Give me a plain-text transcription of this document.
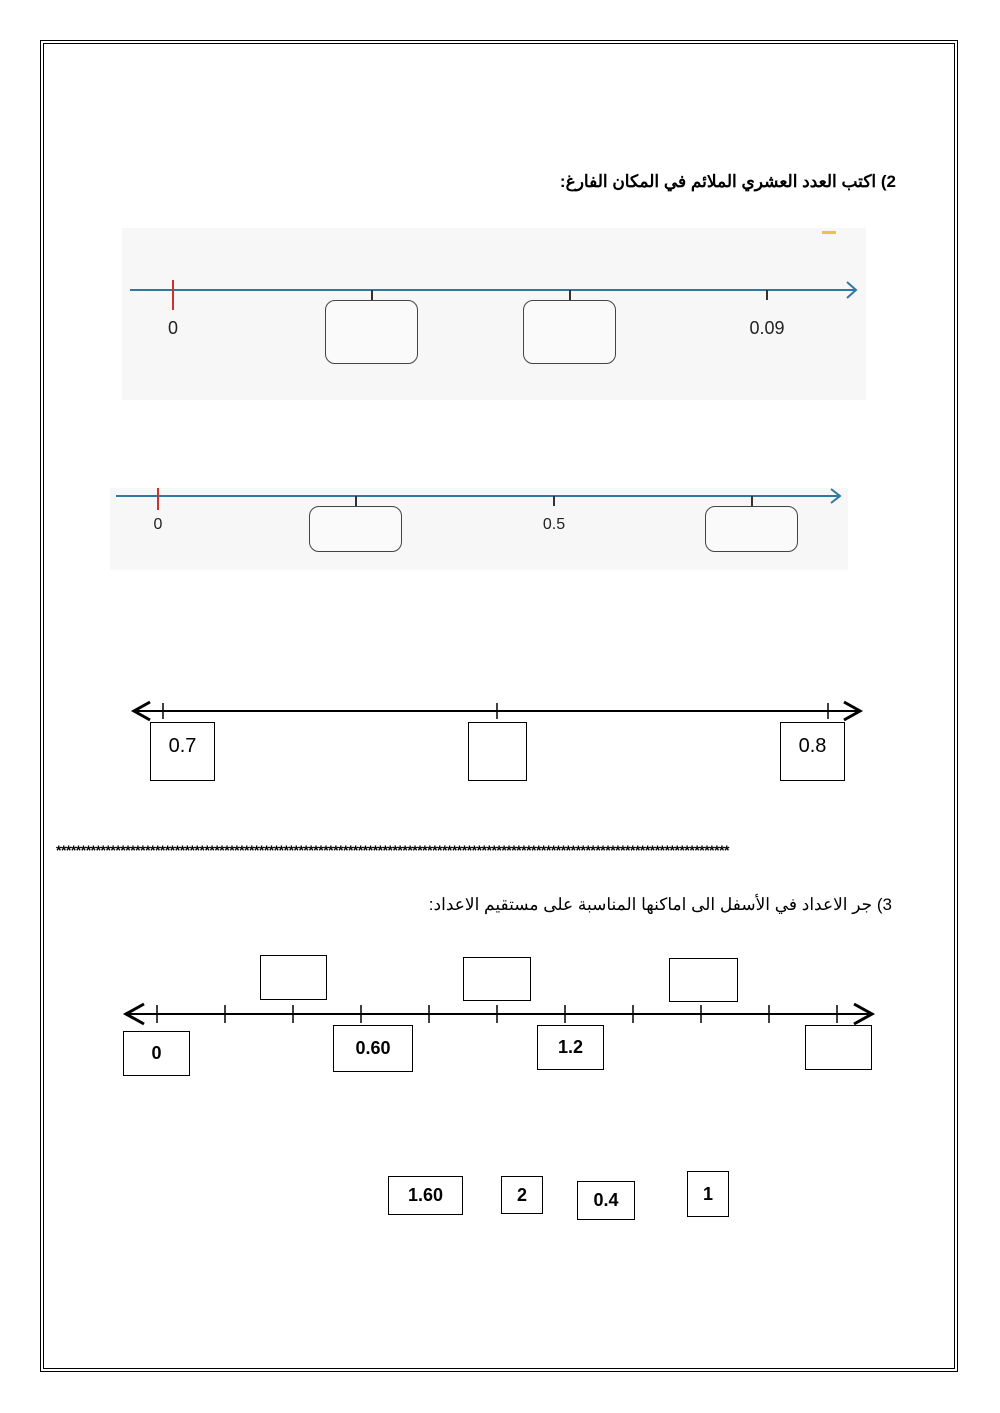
2) اكتب العدد العشري الملائم في المكان الفارغ:
0	0.09
0	0.5
0.7	0.8
****************************************************************************************************************************************
3) جر الاعداد في الأسفل الى اماكنها المناسبة على مستقيم الاعداد:
0	0.60	1.2
1.60	2	0.4	1
